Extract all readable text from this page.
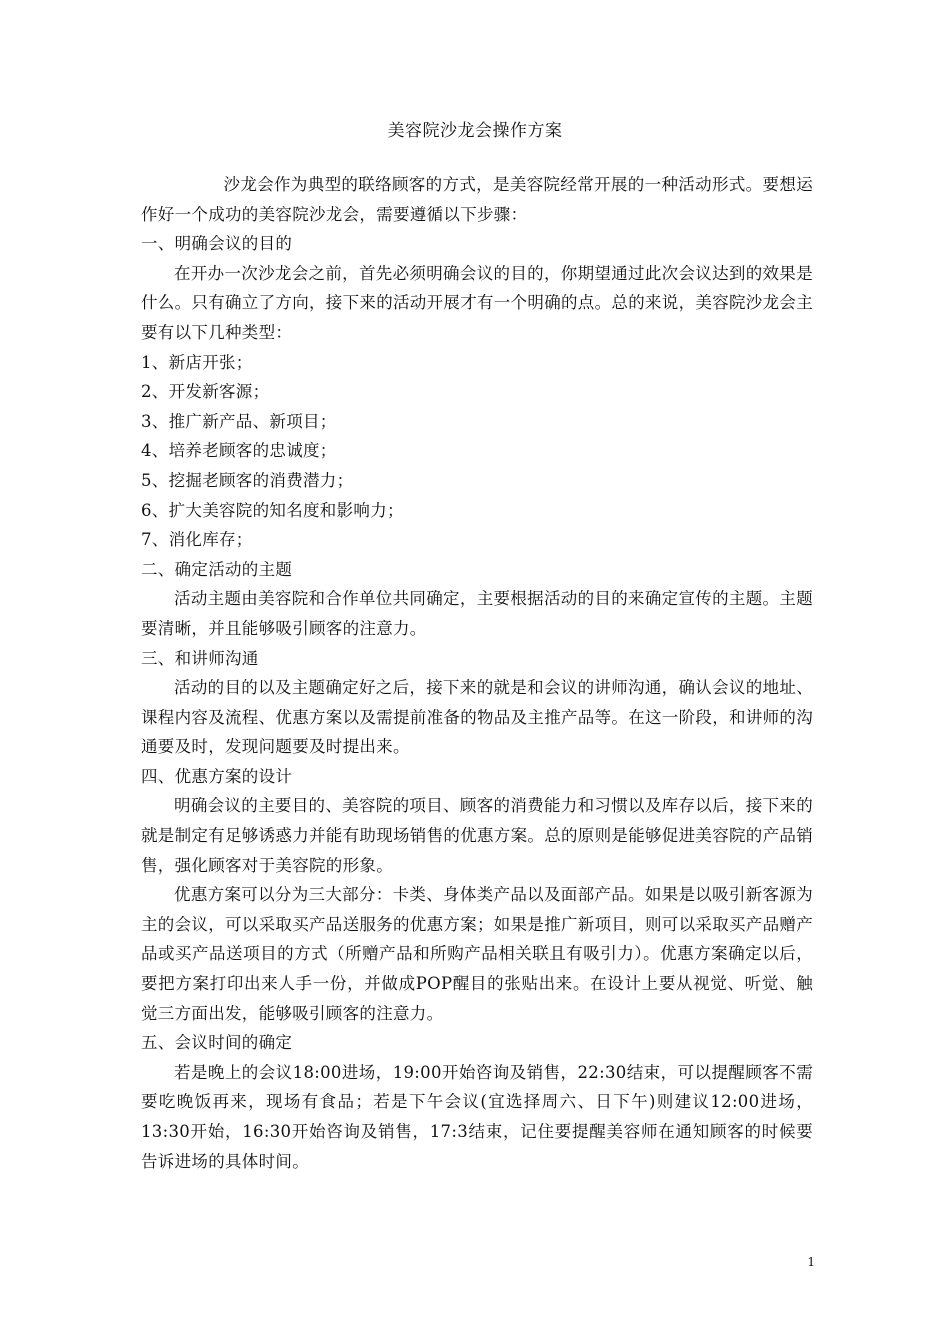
美容院沙龙会操作方案

沙龙会作为典型的联络顾客的方式，是美容院经常开展的一种活动形式。要想运作好一个成功的美容院沙龙会，需要遵循以下步骤：

一、明确会议的目的

在开办一次沙龙会之前，首先必须明确会议的目的，你期望通过此次会议达到的效果是什么。只有确立了方向，接下来的活动开展才有一个明确的点。总的来说，美容院沙龙会主要有以下几种类型：

1、新店开张；

2、开发新客源；

3、推广新产品、新项目；

4、培养老顾客的忠诚度；

5、挖掘老顾客的消费潜力；

6、扩大美容院的知名度和影响力；

7、消化库存；

二、确定活动的主题

活动主题由美容院和合作单位共同确定，主要根据活动的目的来确定宣传的主题。主题要清晰，并且能够吸引顾客的注意力。

三、和讲师沟通

活动的目的以及主题确定好之后，接下来的就是和会议的讲师沟通，确认会议的地址、课程内容及流程、优惠方案以及需提前准备的物品及主推产品等。在这一阶段，和讲师的沟通要及时，发现问题要及时提出来。

四、优惠方案的设计

明确会议的主要目的、美容院的项目、顾客的消费能力和习惯以及库存以后，接下来的就是制定有足够诱惑力并能有助现场销售的优惠方案。总的原则是能够促进美容院的产品销售，强化顾客对于美容院的形象。

优惠方案可以分为三大部分：卡类、身体类产品以及面部产品。如果是以吸引新客源为主的会议，可以采取买产品送服务的优惠方案；如果是推广新项目，则可以采取买产品赠产品或买产品送项目的方式（所赠产品和所购产品相关联且有吸引力）。优惠方案确定以后，要把方案打印出来人手一份，并做成POP醒目的张贴出来。在设计上要从视觉、听觉、触觉三方面出发，能够吸引顾客的注意力。

五、会议时间的确定

若是晚上的会议18:00进场，19:00开始咨询及销售，22:30结束，可以提醒顾客不需要吃晚饭再来，现场有食品；若是下午会议(宜选择周六、日下午)则建议12:00进场，13:30开始，16:30开始咨询及销售，17:3结束，记住要提醒美容师在通知顾客的时候要告诉进场的具体时间。

1
